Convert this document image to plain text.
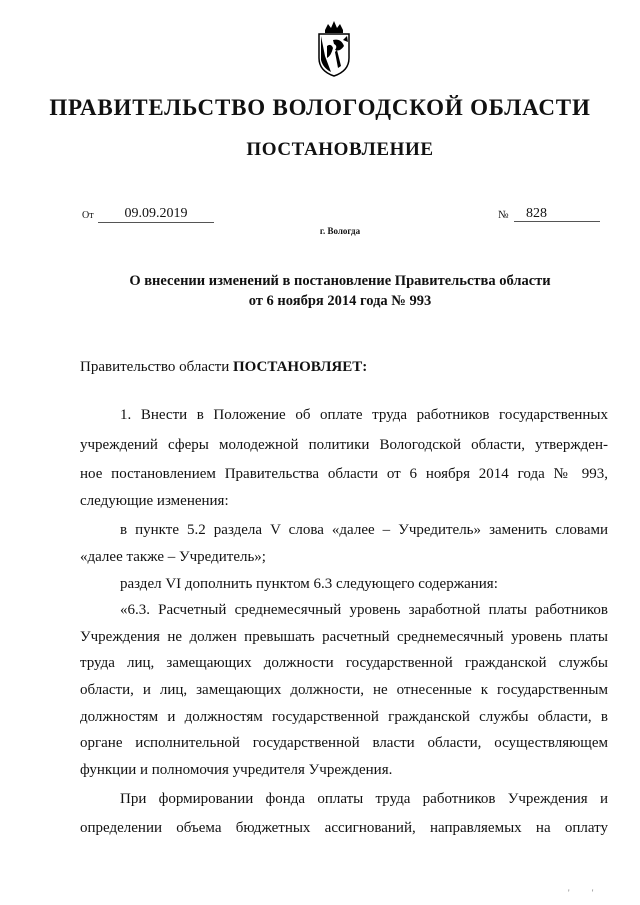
ПРАВИТЕЛЬСТВО ВОЛОГОДСКОЙ ОБЛАСТИ
ПОСТАНОВЛЕНИЕ
От	09.09.2019	№	828
г. Вологда
О внесении изменений в постановление Правительства области
от 6 ноября 2014 года № 993
Правительство области ПОСТАНОВЛЯЕТ:
1. Внести в Положение об оплате труда работников государственных
учреждений сферы молодежной политики Вологодской области, утвержден-
ное постановлением Правительства области от 6 ноября 2014 года № 993,
следующие изменения:
в пункте 5.2 раздела V слова «далее – Учредитель» заменить словами
«далее также – Учредитель»;
раздел VI дополнить пунктом 6.3 следующего содержания:
«6.3. Расчетный среднемесячный уровень заработной платы работников
Учреждения не должен превышать расчетный среднемесячный уровень платы
труда лиц, замещающих должности государственной гражданской службы
области, и лиц, замещающих должности, не отнесенные к государственным
должностям и должностям государственной гражданской службы области, в
органе исполнительной государственной власти области, осуществляющем
функции и полномочия учредителя Учреждения.
При формировании фонда оплаты труда работников Учреждения и
определении объема бюджетных ассигнований, направляемых на оплату
' '
